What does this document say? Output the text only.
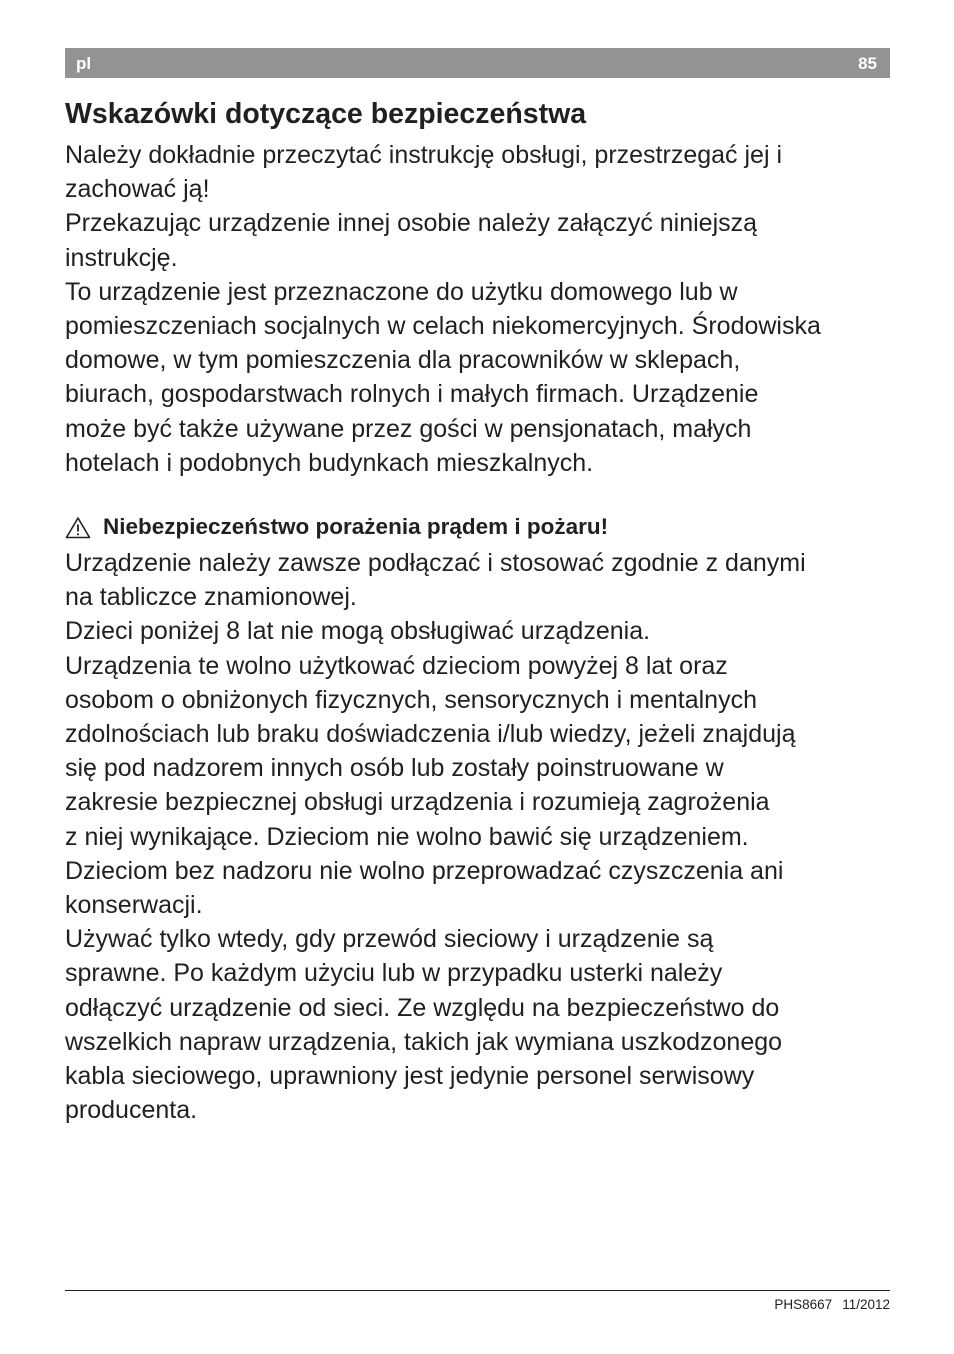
pl	85
Wskazówki dotyczące bezpieczeństwa

Należy dokładnie przeczytać instrukcję obsługi, przestrzegać jej i

zachować ją!

Przekazując urządzenie innej osobie należy załączyć niniejszą

instrukcję.

To urządzenie jest przeznaczone do użytku domowego lub w

pomieszczeniach socjalnych w celach niekomercyjnych. Środowiska

domowe, w tym pomieszczenia dla pracowników w sklepach,

biurach, gospodarstwach rolnych i małych firmach. Urządzenie

może być także używane przez gości w pensjonatach, małych

hotelach i podobnych budynkach mieszkalnych.

Niebezpieczeństwo porażenia prądem i pożaru!

Urządzenie należy zawsze podłączać i stosować zgodnie z danymi

na tabliczce znamionowej.

Dzieci poniżej 8 lat nie mogą obsługiwać urządzenia.

Urządzenia te wolno użytkować dzieciom powyżej 8 lat oraz

osobom o obniżonych fizycznych, sensorycznych i mentalnych

zdolnościach lub braku doświadczenia i/lub wiedzy, jeżeli znajdują

się pod nadzorem innych osób lub zostały poinstruowane w

zakresie bezpiecznej obsługi urządzenia i rozumieją zagrożenia

z niej wynikające. Dzieciom nie wolno bawić się urządzeniem.

Dzieciom bez nadzoru nie wolno przeprowadzać czyszczenia ani

konserwacji.

Używać tylko wtedy, gdy przewód sieciowy i urządzenie są

sprawne. Po każdym użyciu lub w przypadku usterki należy

odłączyć urządzenie od sieci. Ze względu na bezpieczeństwo do

wszelkich napraw urządzenia, takich jak wymiana uszkodzonego

kabla sieciowego, uprawniony jest jedynie personel serwisowy

producenta.

PHS8667 11/2012
